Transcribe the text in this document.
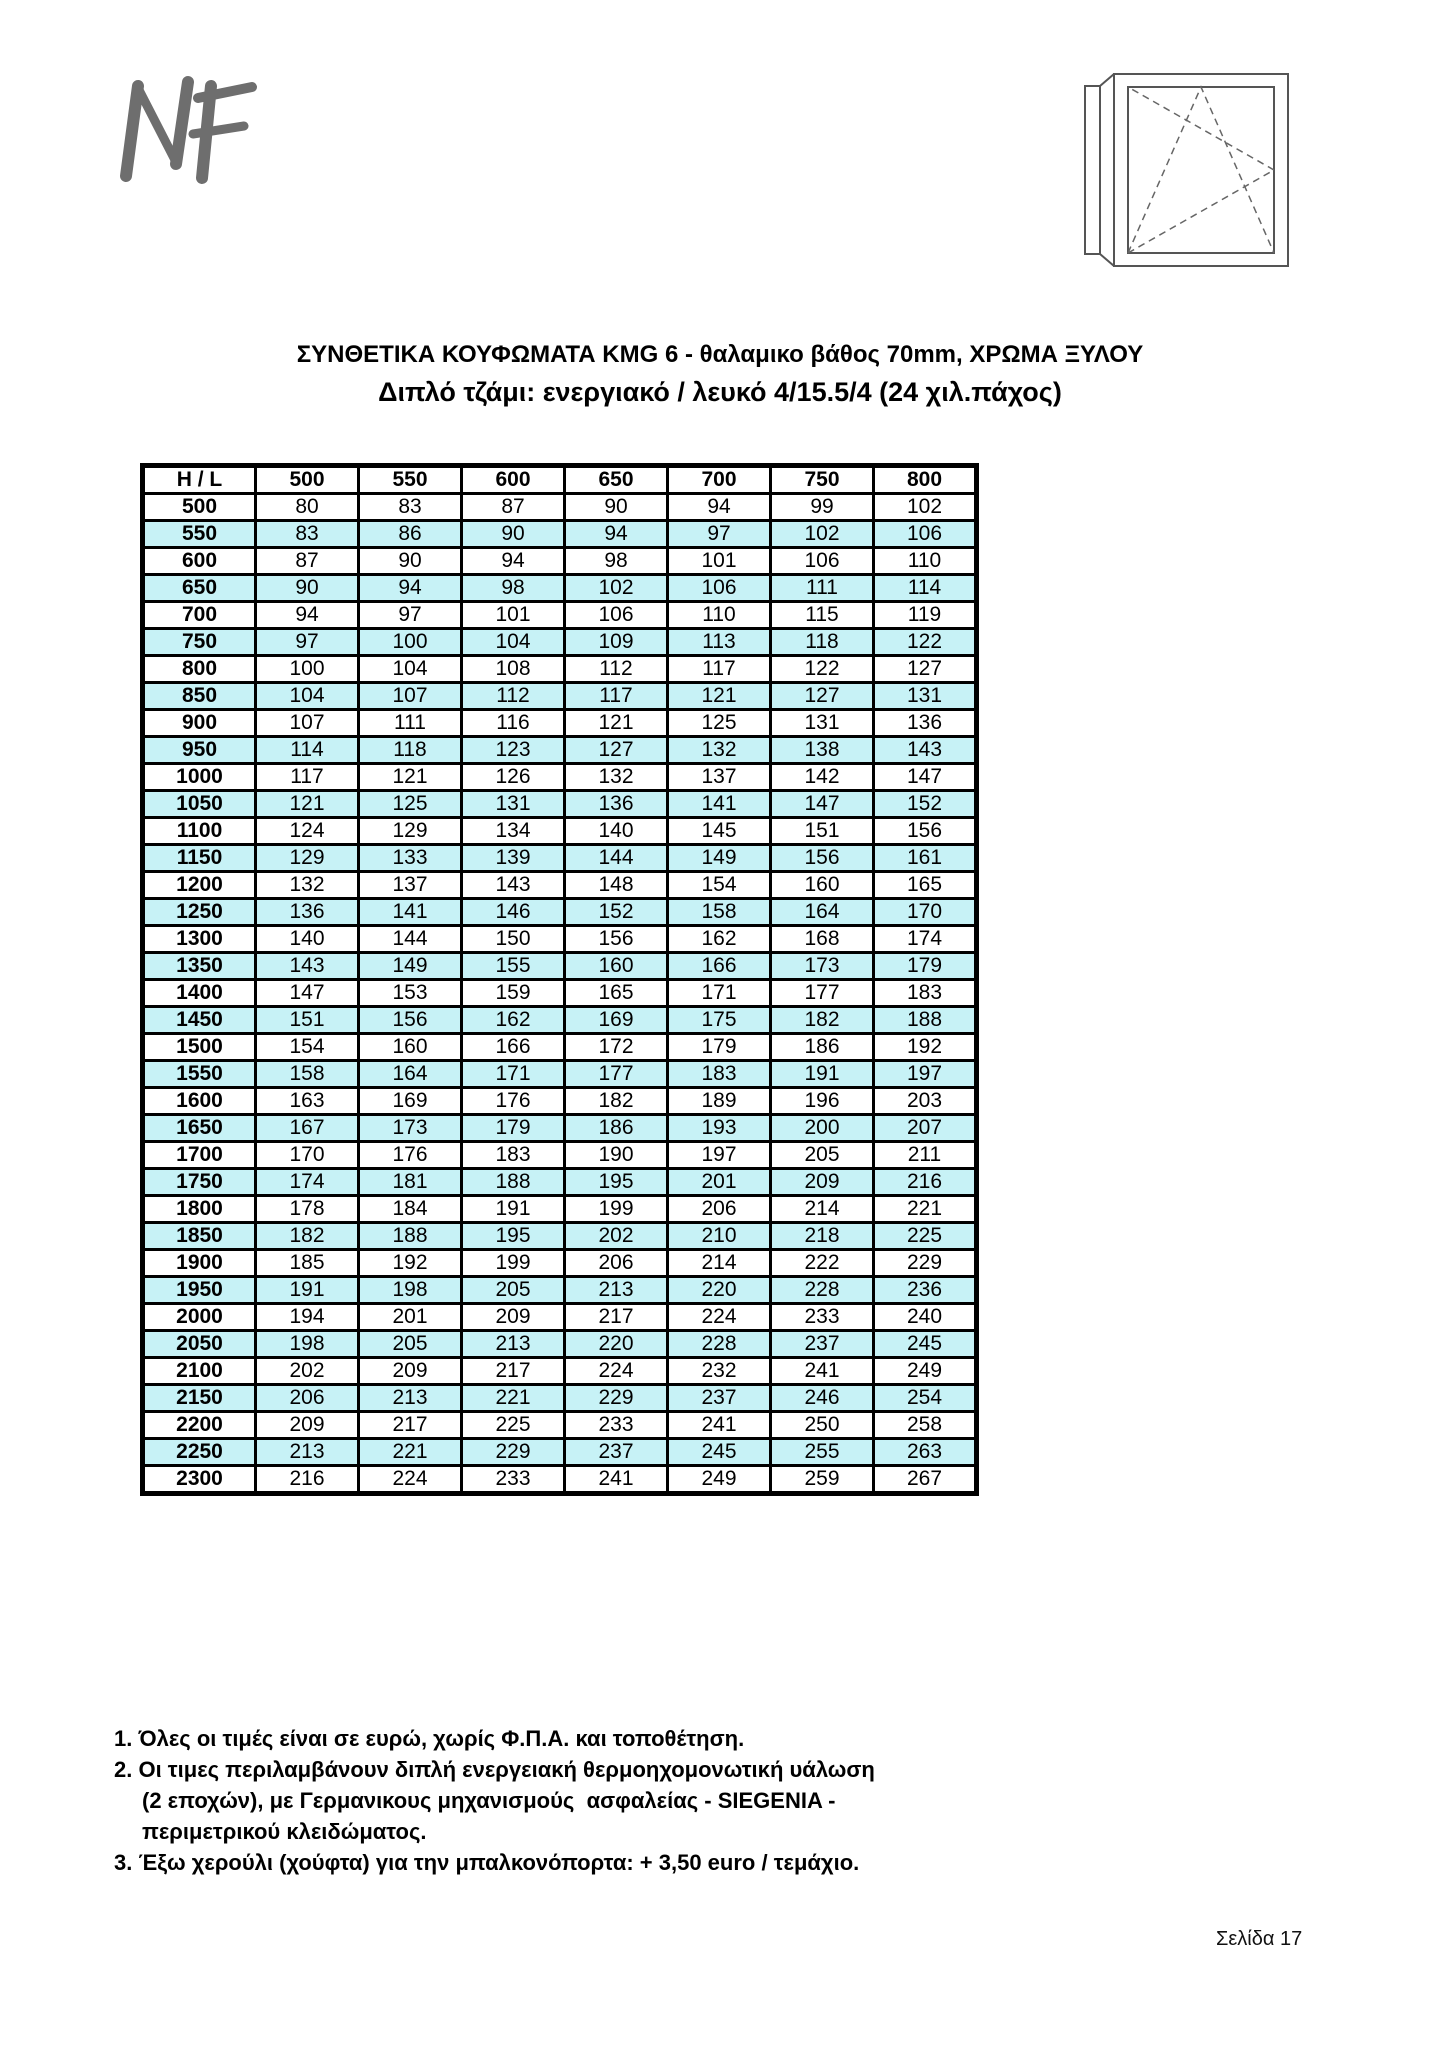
ΣΥΝΘΕΤΙΚΑ ΚΟΥΦΩΜΑΤΑ KMG 6 - θαλαμικο βάθος 70mm, ΧΡΩΜΑ ΞΥΛΟΥ
Διπλό τζάμι: ενεργιακό / λευκό 4/15.5/4 (24 χιλ.πάχος)
H / L	500	550	600	650	700	750	800
500	80	83	87	90	94	99	102
550	83	86	90	94	97	102	106
600	87	90	94	98	101	106	110
650	90	94	98	102	106	111	114
700	94	97	101	106	110	115	119
750	97	100	104	109	113	118	122
800	100	104	108	112	117	122	127
850	104	107	112	117	121	127	131
900	107	111	116	121	125	131	136
950	114	118	123	127	132	138	143
1000	117	121	126	132	137	142	147
1050	121	125	131	136	141	147	152
1100	124	129	134	140	145	151	156
1150	129	133	139	144	149	156	161
1200	132	137	143	148	154	160	165
1250	136	141	146	152	158	164	170
1300	140	144	150	156	162	168	174
1350	143	149	155	160	166	173	179
1400	147	153	159	165	171	177	183
1450	151	156	162	169	175	182	188
1500	154	160	166	172	179	186	192
1550	158	164	171	177	183	191	197
1600	163	169	176	182	189	196	203
1650	167	173	179	186	193	200	207
1700	170	176	183	190	197	205	211
1750	174	181	188	195	201	209	216
1800	178	184	191	199	206	214	221
1850	182	188	195	202	210	218	225
1900	185	192	199	206	214	222	229
1950	191	198	205	213	220	228	236
2000	194	201	209	217	224	233	240
2050	198	205	213	220	228	237	245
2100	202	209	217	224	232	241	249
2150	206	213	221	229	237	246	254
2200	209	217	225	233	241	250	258
2250	213	221	229	237	245	255	263
2300	216	224	233	241	249	259	267
1. Όλες οι τιμές είναι σε ευρώ, χωρίς Φ.Π.Α. και τοποθέτηση.
2. Οι τιμες περιλαμβάνουν διπλή ενεργειακή θερμοηχομονωτική υάλωση
(2 εποχών), με Γερμανικους μηχανισμούς  ασφαλείας - SIEGENIA -
περιμετρικού κλειδώματος.
3. Έξω χερούλι (χούφτα) για την μπαλκονόπορτα: + 3,50 euro / τεμάχιο.
Σελίδα 17
